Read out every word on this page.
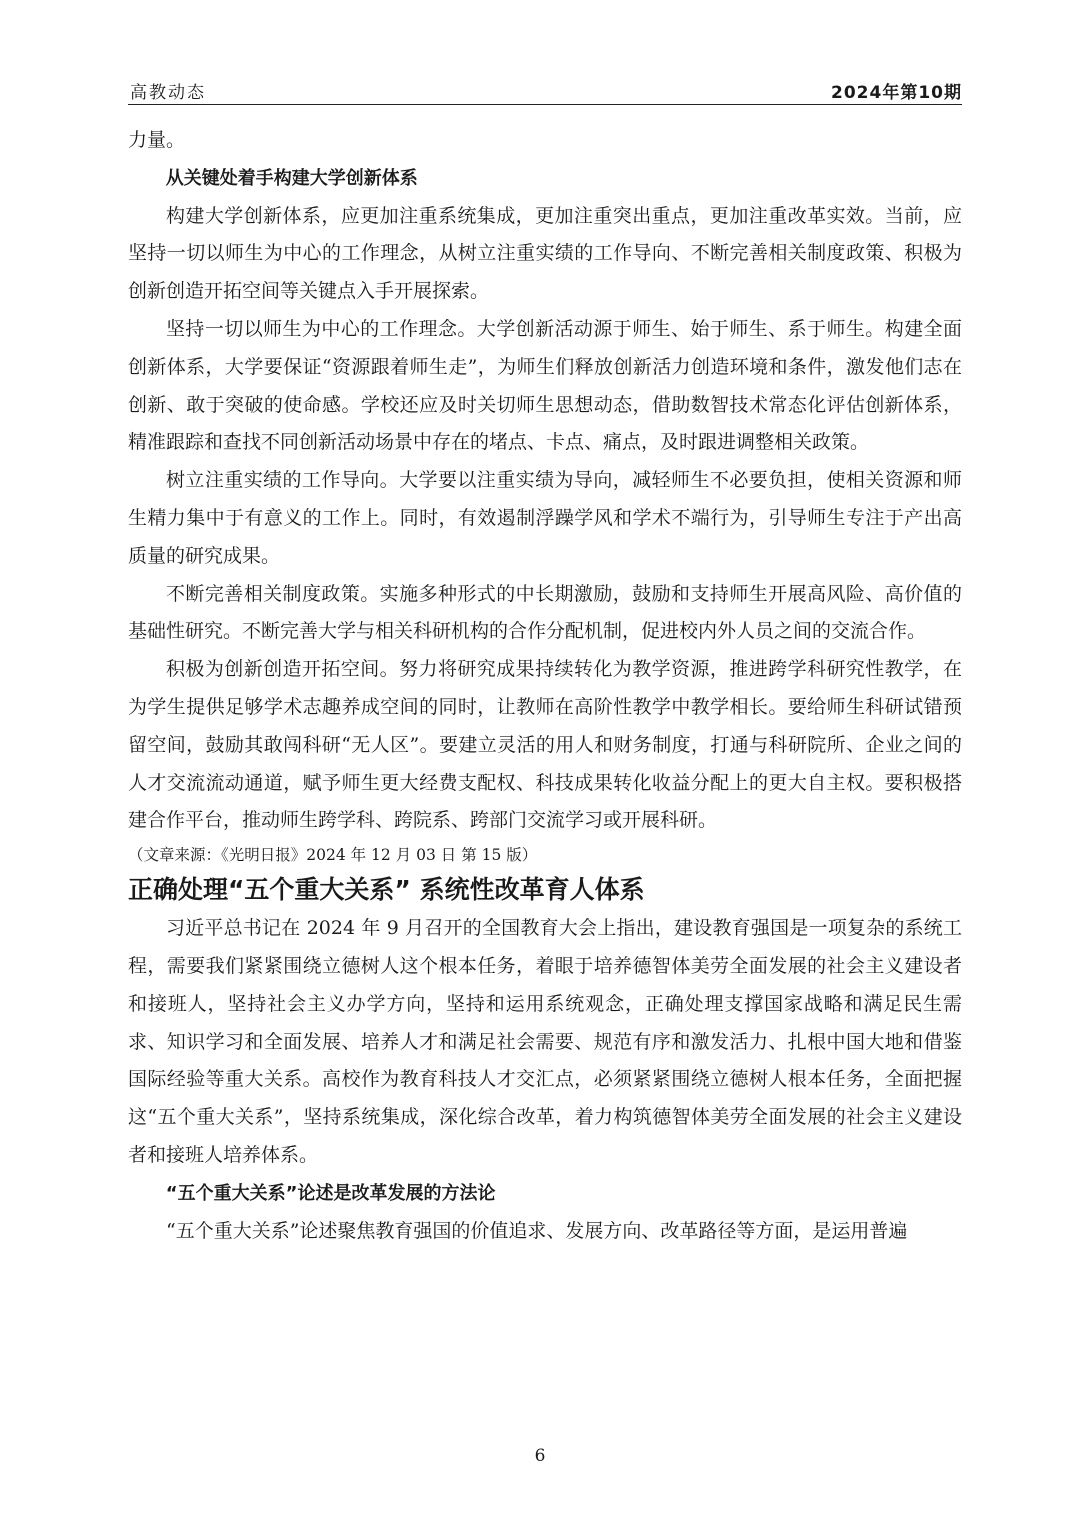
高教动态	2024年第10期

力量。

从关键处着手构建大学创新体系

构建大学创新体系，应更加注重系统集成，更加注重突出重点，更加注重改革实效。当前，应坚持一切以师生为中心的工作理念，从树立注重实绩的工作导向、不断完善相关制度政策、积极为创新创造开拓空间等关键点入手开展探索。

坚持一切以师生为中心的工作理念。大学创新活动源于师生、始于师生、系于师生。构建全面创新体系，大学要保证“资源跟着师生走”，为师生们释放创新活力创造环境和条件，激发他们志在创新、敢于突破的使命感。学校还应及时关切师生思想动态，借助数智技术常态化评估创新体系，精准跟踪和查找不同创新活动场景中存在的堵点、卡点、痛点，及时跟进调整相关政策。

树立注重实绩的工作导向。大学要以注重实绩为导向，减轻师生不必要负担，使相关资源和师生精力集中于有意义的工作上。同时，有效遏制浮躁学风和学术不端行为，引导师生专注于产出高质量的研究成果。

不断完善相关制度政策。实施多种形式的中长期激励，鼓励和支持师生开展高风险、高价值的基础性研究。不断完善大学与相关科研机构的合作分配机制，促进校内外人员之间的交流合作。

积极为创新创造开拓空间。努力将研究成果持续转化为教学资源，推进跨学科研究性教学，在为学生提供足够学术志趣养成空间的同时，让教师在高阶性教学中教学相长。要给师生科研试错预留空间，鼓励其敢闯科研“无人区”。要建立灵活的用人和财务制度，打通与科研院所、企业之间的人才交流流动通道，赋予师生更大经费支配权、科技成果转化收益分配上的更大自主权。要积极搭建合作平台，推动师生跨学科、跨院系、跨部门交流学习或开展科研。

（文章来源：《光明日报》2024 年 12 月 03 日 第 15 版）

正确处理“五个重大关系” 系统性改革育人体系

习近平总书记在 2024 年 9 月召开的全国教育大会上指出，建设教育强国是一项复杂的系统工程，需要我们紧紧围绕立德树人这个根本任务，着眼于培养德智体美劳全面发展的社会主义建设者和接班人，坚持社会主义办学方向，坚持和运用系统观念，正确处理支撑国家战略和满足民生需求、知识学习和全面发展、培养人才和满足社会需要、规范有序和激发活力、扎根中国大地和借鉴国际经验等重大关系。高校作为教育科技人才交汇点，必须紧紧围绕立德树人根本任务，全面把握这“五个重大关系”，坚持系统集成，深化综合改革，着力构筑德智体美劳全面发展的社会主义建设者和接班人培养体系。

“五个重大关系”论述是改革发展的方法论

“五个重大关系”论述聚焦教育强国的价值追求、发展方向、改革路径等方面，是运用普遍

6
